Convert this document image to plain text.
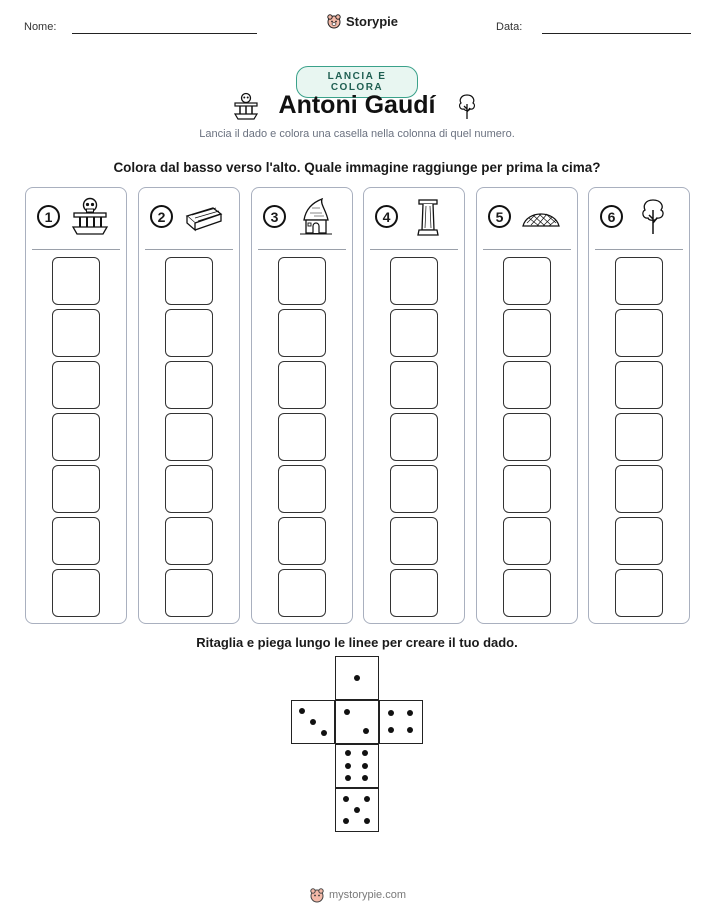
Nome:	Storypie	Data:
LANCIA E COLORA
Antoni Gaudí
Lancia il dado e colora una casella nella colonna di quel numero.
Colora dal basso verso l'alto. Quale immagine raggiunge per prima la cima?
1	2	3	4	5	6
Ritaglia e piega lungo le linee per creare il tuo dado.
mystorypie.com
